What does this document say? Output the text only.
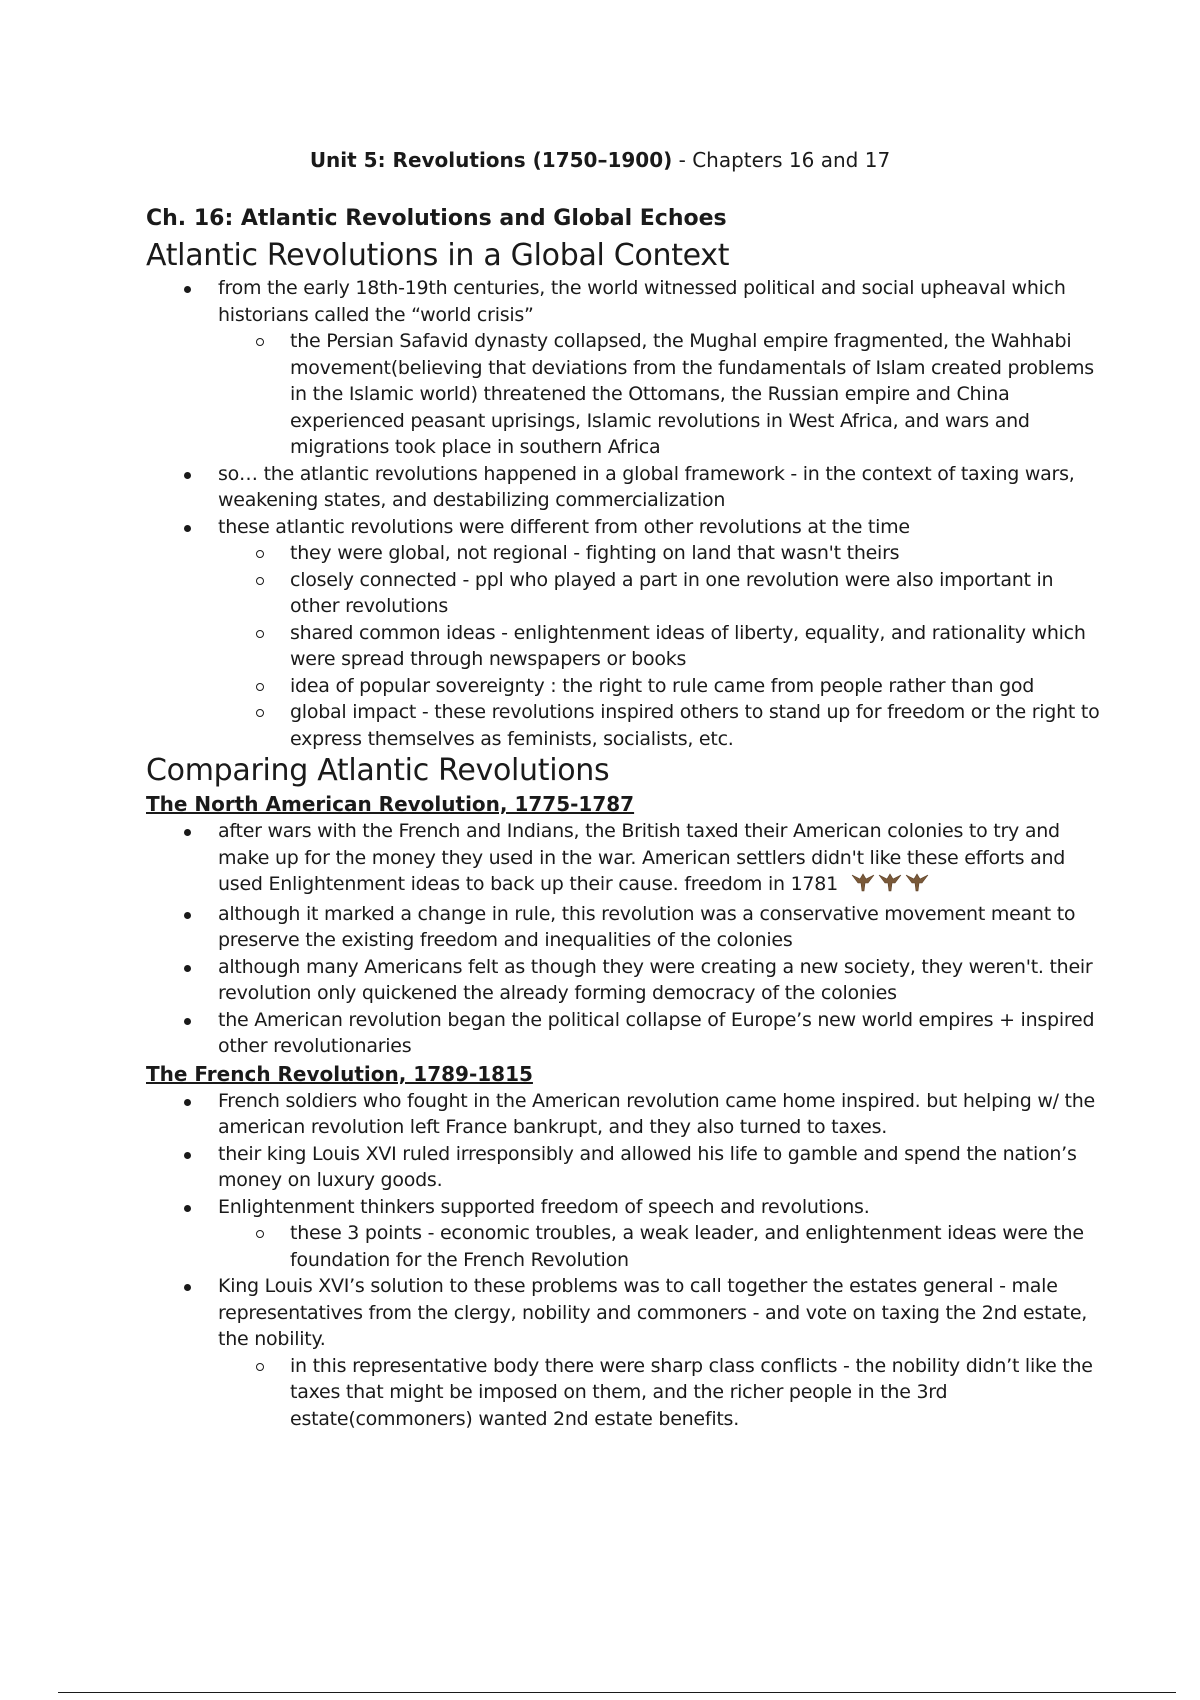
Unit 5: Revolutions (1750–1900) - Chapters 16 and 17
Ch. 16: Atlantic Revolutions and Global Echoes
Atlantic Revolutions in a Global Context
from the early 18th-19th centuries, the world witnessed political and social upheaval which historians called the “world crisis”
the Persian Safavid dynasty collapsed, the Mughal empire fragmented, the Wahhabi movement(believing that deviations from the fundamentals of Islam created problems in the Islamic world) threatened the Ottomans, the Russian empire and China experienced peasant uprisings, Islamic revolutions in West Africa, and wars and migrations took place in southern Africa
so… the atlantic revolutions happened in a global framework - in the context of taxing wars, weakening states, and destabilizing commercialization
these atlantic revolutions were different from other revolutions at the time
they were global, not regional - fighting on land that wasn't theirs
closely connected - ppl who played a part in one revolution were also important in other revolutions
shared common ideas - enlightenment ideas of liberty, equality, and rationality which were spread through newspapers or books
idea of popular sovereignty : the right to rule came from people rather than god
global impact - these revolutions inspired others to stand up for freedom or the right to express themselves as feminists, socialists, etc.
Comparing Atlantic Revolutions
The North American Revolution, 1775-1787
after wars with the French and Indians, the British taxed their American colonies to try and make up for the money they used in the war. American settlers didn't like these efforts and used Enlightenment ideas to back up their cause. freedom in 1781
although it marked a change in rule, this revolution was a conservative movement meant to preserve the existing freedom and inequalities of the colonies
although many Americans felt as though they were creating a new society, they weren't. their revolution only quickened the already forming democracy of the colonies
the American revolution began the political collapse of Europe’s new world empires + inspired other revolutionaries
The French Revolution, 1789-1815
French soldiers who fought in the American revolution came home inspired. but helping w/ the american revolution left France bankrupt, and they also turned to taxes.
their king Louis XVI ruled irresponsibly and allowed his life to gamble and spend the nation’s money on luxury goods.
Enlightenment thinkers supported freedom of speech and revolutions.
these 3 points - economic troubles, a weak leader, and enlightenment ideas were the foundation for the French Revolution
King Louis XVI’s solution to these problems was to call together the estates general - male representatives from the clergy, nobility and commoners - and vote on taxing the 2nd estate, the nobility.
in this representative body there were sharp class conflicts - the nobility didn’t like the taxes that might be imposed on them, and the richer people in the 3rd estate(commoners) wanted 2nd estate benefits.
